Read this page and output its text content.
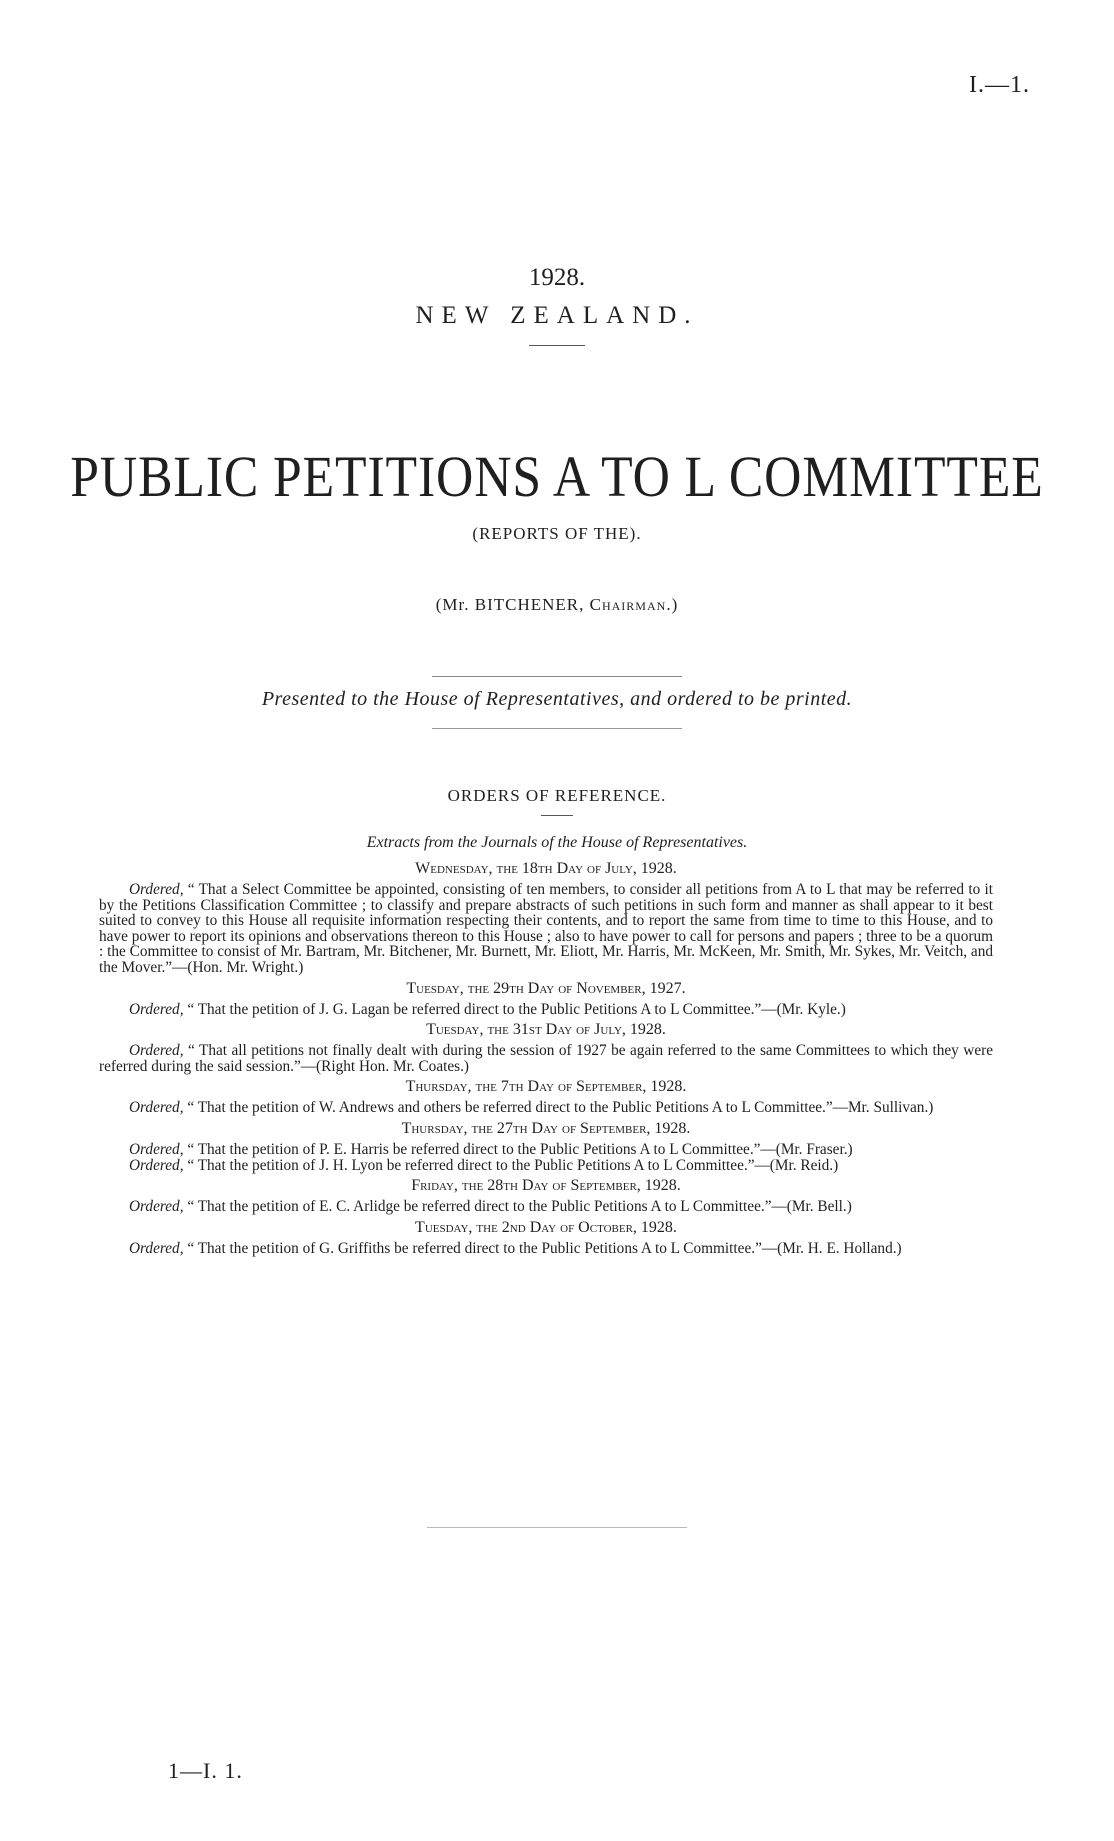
I.—1.
1928.
NEW ZEALAND.
PUBLIC PETITIONS A TO L COMMITTEE
(REPORTS OF THE).
(Mr. BITCHENER, Chairman.)
Presented to the House of Representatives, and ordered to be printed.
ORDERS OF REFERENCE.
Extracts from the Journals of the House of Representatives.
Wednesday, the 18th Day of July, 1928.
Ordered, “ That a Select Committee be appointed, consisting of ten members, to consider all petitions from A to L that may be referred to it by the Petitions Classification Committee ; to classify and prepare abstracts of such petitions in such form and manner as shall appear to it best suited to convey to this House all requisite information respecting their contents, and to report the same from time to time to this House, and to have power to report its opinions and observations thereon to this House ; also to have power to call for persons and papers ; three to be a quorum : the Committee to consist of Mr. Bartram, Mr. Bitchener, Mr. Burnett, Mr. Eliott, Mr. Harris, Mr. McKeen, Mr. Smith, Mr. Sykes, Mr. Veitch, and the Mover.”—(Hon. Mr. Wright.)
Tuesday, the 29th Day of November, 1927.
Ordered, “ That the petition of J. G. Lagan be referred direct to the Public Petitions A to L Committee.”—(Mr. Kyle.)
Tuesday, the 31st Day of July, 1928.
Ordered, “ That all petitions not finally dealt with during the session of 1927 be again referred to the same Committees to which they were referred during the said session.”—(Right Hon. Mr. Coates.)
Thursday, the 7th Day of September, 1928.
Ordered, “ That the petition of W. Andrews and others be referred direct to the Public Petitions A to L Committee.”—Mr. Sullivan.)
Thursday, the 27th Day of September, 1928.
Ordered, “ That the petition of P. E. Harris be referred direct to the Public Petitions A to L Committee.”—(Mr. Fraser.)
Ordered, “ That the petition of J. H. Lyon be referred direct to the Public Petitions A to L Committee.”—(Mr. Reid.)
Friday, the 28th Day of September, 1928.
Ordered, “ That the petition of E. C. Arlidge be referred direct to the Public Petitions A to L Committee.”—(Mr. Bell.)
Tuesday, the 2nd Day of October, 1928.
Ordered, “ That the petition of G. Griffiths be referred direct to the Public Petitions A to L Committee.”—(Mr. H. E. Holland.)
1—I. 1.
